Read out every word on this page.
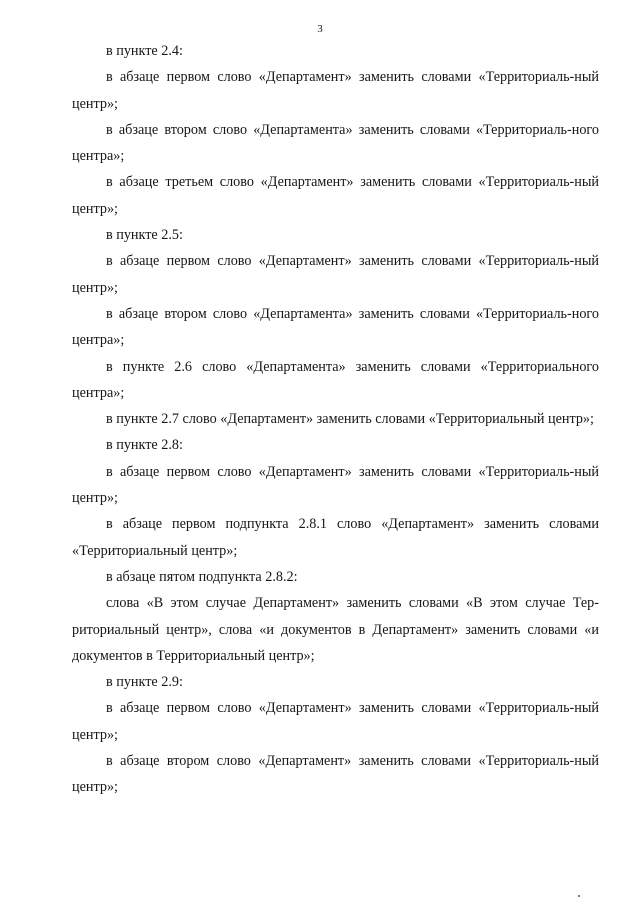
3

в пункте 2.4:

в абзаце первом слово «Департамент» заменить словами «Территориаль-ный центр»;

в абзаце втором слово «Департамента» заменить словами «Территориаль-ного центра»;

в абзаце третьем слово «Департамент» заменить словами «Территориаль-ный центр»;

в пункте 2.5:

в абзаце первом слово «Департамент» заменить словами «Территориаль-ный центр»;

в абзаце втором слово «Департамента» заменить словами «Территориаль-ного центра»;

в пункте 2.6 слово «Департамента» заменить словами «Территориального центра»;

в пункте 2.7 слово «Департамент» заменить словами «Территориальный центр»;

в пункте 2.8:

в абзаце первом слово «Департамент» заменить словами «Территориаль-ный центр»;

в абзаце первом подпункта 2.8.1 слово «Департамент» заменить словами «Территориальный центр»;

в абзаце пятом подпункта 2.8.2:

слова «В этом случае Департамент» заменить словами «В этом случае Тер-риториальный центр», слова «и документов в Департамент» заменить словами «и документов в Территориальный центр»;

в пункте 2.9:

в абзаце первом слово «Департамент» заменить словами «Территориаль-ный центр»;

в абзаце втором слово «Департамент» заменить словами «Территориаль-ный центр»;
